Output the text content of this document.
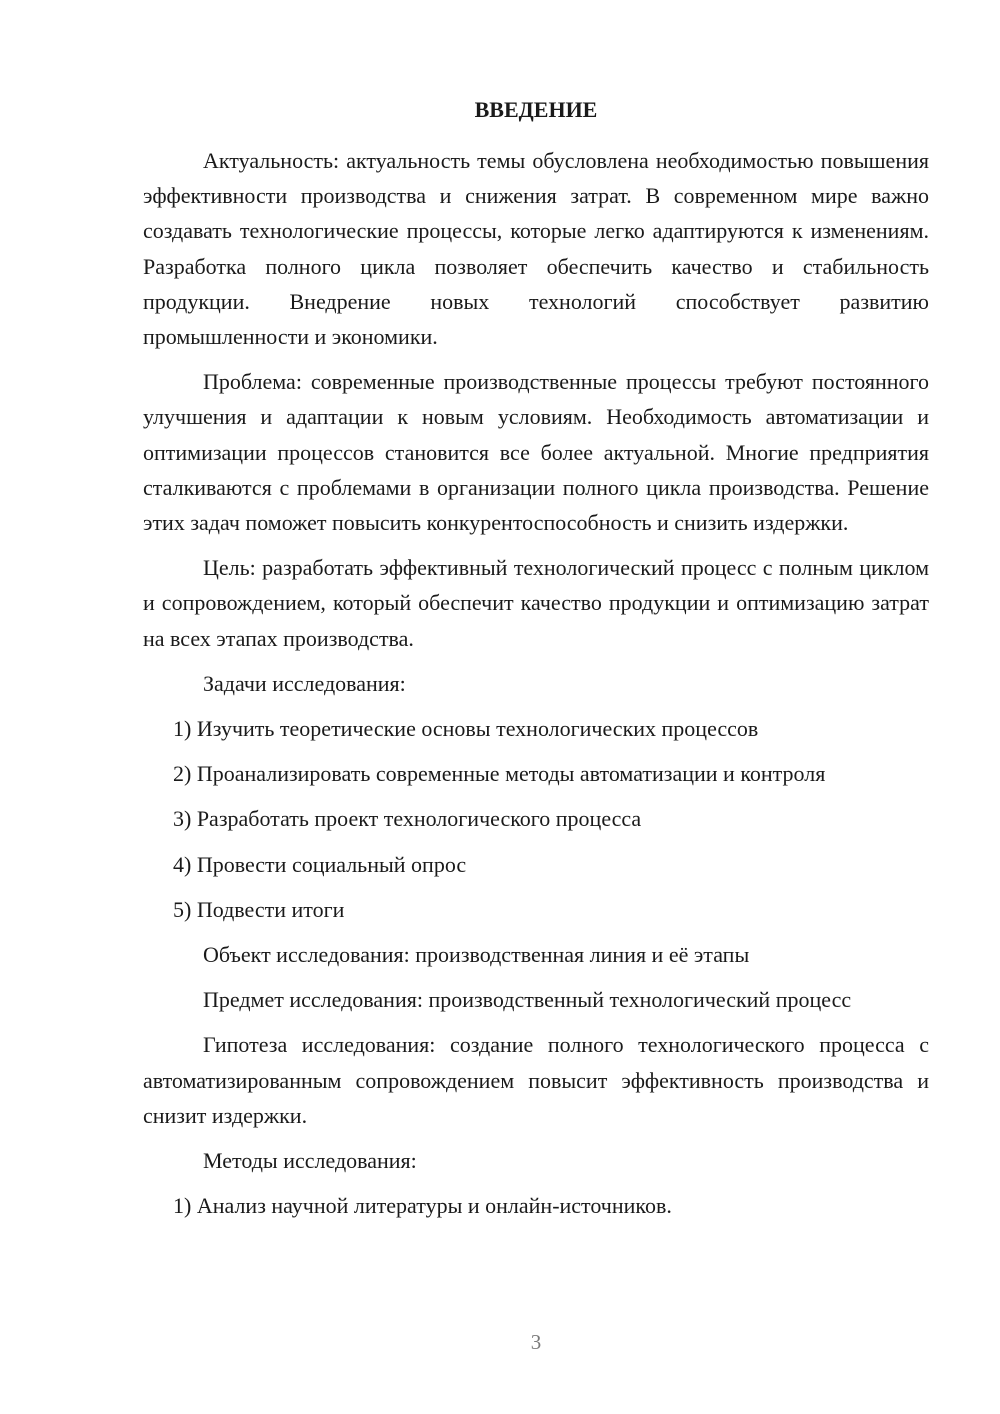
ВВЕДЕНИЕ

Актуальность: актуальность темы обусловлена необходимостью повышения эффективности производства и снижения затрат. В современном мире важно создавать технологические процессы, которые легко адаптируются к изменениям. Разработка полного цикла позволяет обеспечить качество и стабильность продукции. Внедрение новых технологий способствует развитию промышленности и экономики.

Проблема: современные производственные процессы требуют постоянного улучшения и адаптации к новым условиям. Необходимость автоматизации и оптимизации процессов становится все более актуальной. Многие предприятия сталкиваются с проблемами в организации полного цикла производства. Решение этих задач поможет повысить конкурентоспособность и снизить издержки.

Цель: разработать эффективный технологический процесс с полным циклом и сопровождением, который обеспечит качество продукции и оптимизацию затрат на всех этапах производства.

Задачи исследования:
1) Изучить теоретические основы технологических процессов
2) Проанализировать современные методы автоматизации и контроля
3) Разработать проект технологического процесса
4) Провести социальный опрос
5) Подвести итоги
Объект исследования: производственная линия и её этапы

Предмет исследования: производственный технологический процесс

Гипотеза исследования: создание полного технологического процесса с автоматизированным сопровождением повысит эффективность производства и снизит издержки.

Методы исследования:
1) Анализ научной литературы и онлайн-источников.
3
